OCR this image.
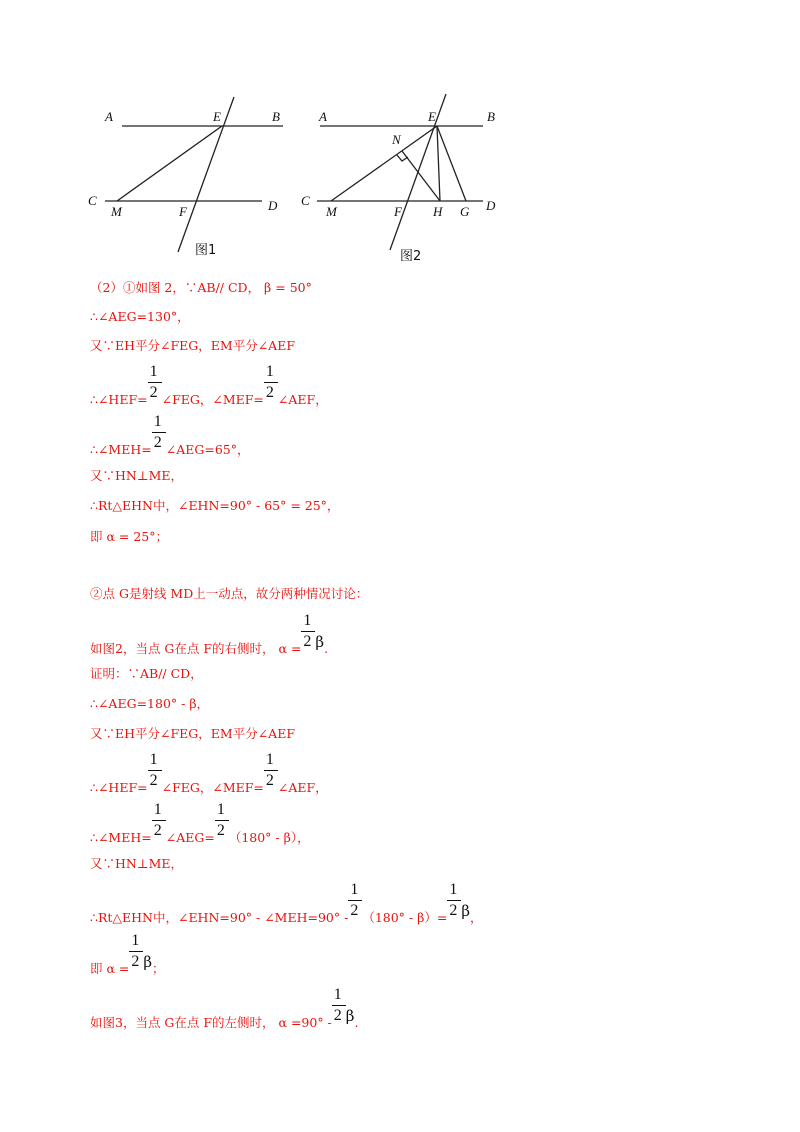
A	B
E
C	D
M	F
图1
A	B
E
N
C	D
M	F H G
图2
（2）①如图 2，∵AB// CD， β = 50°
∴∠AEG=130°，
又∵EH平分∠FEG，EM平分∠AEF
∴∠HEF= $\frac{1}{2}$ ∠FEG，∠MEF= $\frac{1}{2}$ ∠AEF，
∴∠MEH= $\frac{1}{2}$ ∠AEG=65°，
又∵HN⊥ME，
∴Rt△EHN中，∠EHN=90° - 65° = 25°，
即 α = 25°；
②点 G是射线 MD上一动点，故分两种情况讨论：
如图2，当点 G在点 F的右侧时， $\alpha = \frac{1}{2} \beta$.
证明：∵AB// CD，
∴∠AEG=180° - β，
又∵EH平分∠FEG，EM平分∠AEF
∴∠HEF= $\frac{1}{2}$ ∠FEG，∠MEF= $\frac{1}{2}$ ∠AEF，
∴∠MEH= $\frac{1}{2}$ ∠AEG= $\frac{1}{2} (180^\circ - \beta)$，
又∵HN⊥ME，
∴Rt△EHN中，∠EHN=90° - ∠MEH=90° - $\frac{1}{2} (180^\circ - \beta)= \frac{1}{2}$ β，
即 $\alpha = \frac{1}{2}$ β；
如图3，当点 G在点 F的左侧时， $\alpha =90^\circ - \frac{1}{2} \beta$.
